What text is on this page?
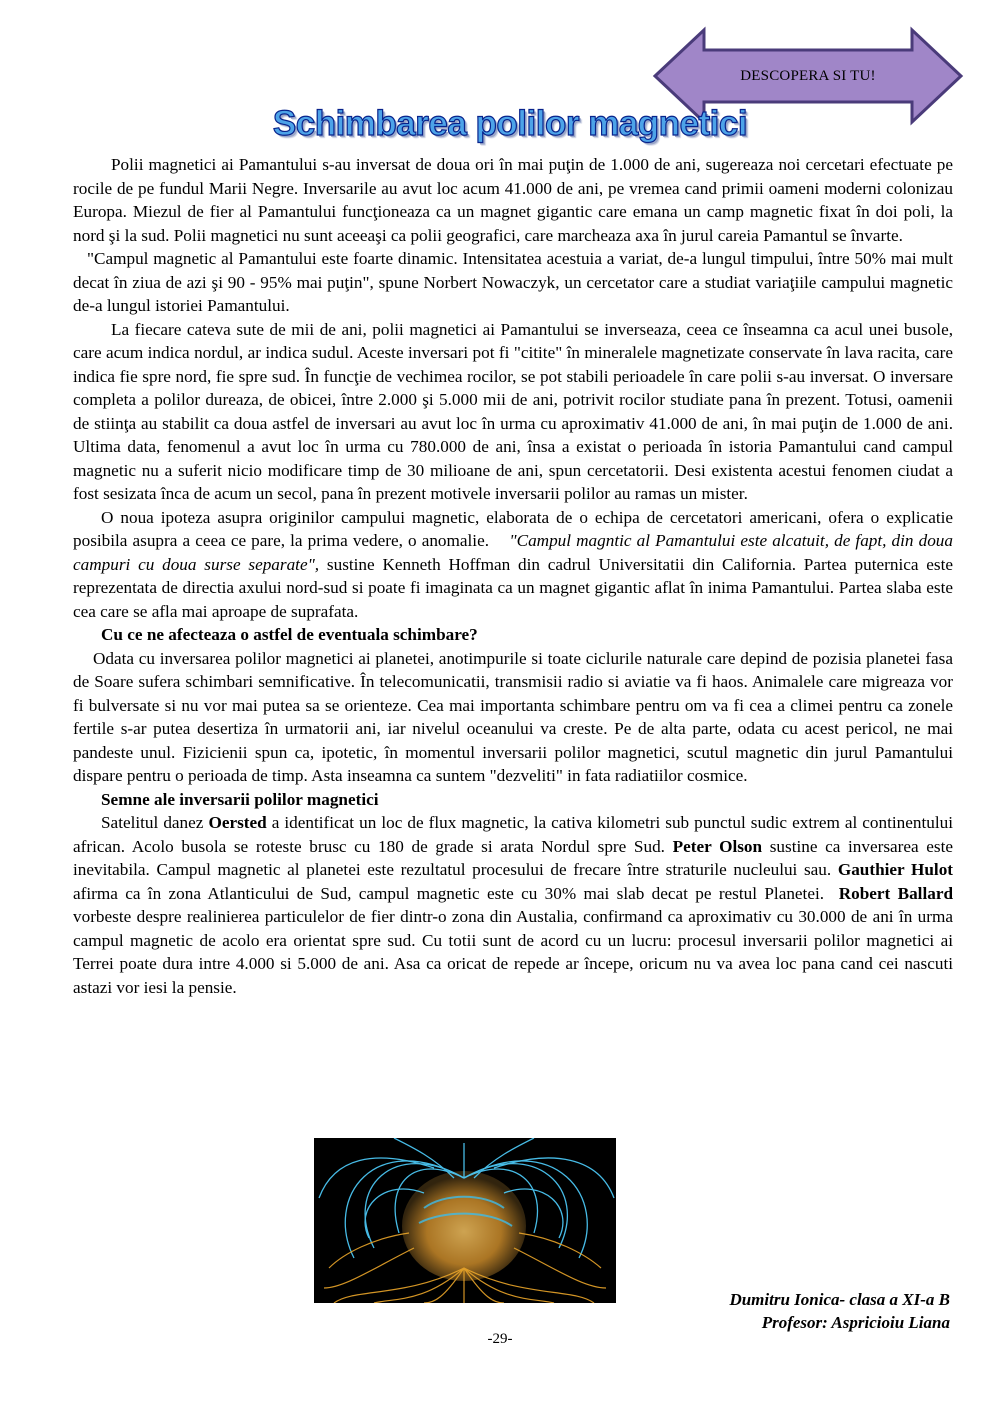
DESCOPERA SI TU!
Schimbarea polilor magnetici

Polii magnetici ai Pamantului s-au inversat de doua ori în mai puţin de 1.000 de ani, sugereaza noi cercetari efectuate pe rocile de pe fundul Marii Negre. Inversarile au avut loc acum 41.000 de ani, pe vremea cand primii oameni moderni colonizau Europa. Miezul de fier al Pamantului funcţioneaza ca un magnet gigantic care emana un camp magnetic fixat în doi poli, la nord şi la sud. Polii magnetici nu sunt aceeaşi ca polii geografici, care marcheaza axa în jurul careia Pamantul se învarte.

"Campul magnetic al Pamantului este foarte dinamic. Intensitatea acestuia a variat, de-a lungul timpului, între 50% mai mult decat în ziua de azi şi 90 - 95% mai puţin", spune Norbert Nowaczyk, un cercetator care a studiat variaţiile campului magnetic de-a lungul istoriei Pamantului.

La fiecare cateva sute de mii de ani, polii magnetici ai Pamantului se inverseaza, ceea ce înseamna ca acul unei busole, care acum indica nordul, ar indica sudul. Aceste inversari pot fi "citite" în mineralele magnetizate conservate în lava racita, care indica fie spre nord, fie spre sud. În funcţie de vechimea rocilor, se pot stabili perioadele în care polii s-au inversat. O inversare completa a polilor dureaza, de obicei, între 2.000 şi 5.000 mii de ani, potrivit rocilor studiate pana în prezent. Totusi, oamenii de stiinţa au stabilit ca doua astfel de inversari au avut loc în urma cu aproximativ 41.000 de ani, în mai puţin de 1.000 de ani. Ultima data, fenomenul a avut loc în urma cu 780.000 de ani, însa a existat o perioada în istoria Pamantului cand campul magnetic nu a suferit nicio modificare timp de 30 milioane de ani, spun cercetatorii. Desi existenta acestui fenomen ciudat a fost sesizata înca de acum un secol, pana în prezent motivele inversarii polilor au ramas un mister.

O noua ipoteza asupra originilor campului magnetic, elaborata de o echipa de cercetatori americani, ofera o explicatie posibila asupra a ceea ce pare, la prima vedere, o anomalie. "Campul magntic al Pamantului este alcatuit, de fapt, din doua campuri cu doua surse separate", sustine Kenneth Hoffman din cadrul Universitatii din California. Partea puternica este reprezentata de directia axului nord-sud si poate fi imaginata ca un magnet gigantic aflat în inima Pamantului. Partea slaba este cea care se afla mai aproape de suprafata.

Cu ce ne afecteaza o astfel de eventuala schimbare?

Odata cu inversarea polilor magnetici ai planetei, anotimpurile si toate ciclurile naturale care depind de pozisia planetei fasa de Soare sufera schimbari semnificative. În telecomunicatii, transmisii radio si aviatie va fi haos. Animalele care migreaza vor fi bulversate si nu vor mai putea sa se orienteze. Cea mai importanta schimbare pentru om va fi cea a climei pentru ca zonele fertile s-ar putea desertiza în urmatorii ani, iar nivelul oceanului va creste. Pe de alta parte, odata cu acest pericol, ne mai pandeste unul. Fizicienii spun ca, ipotetic, în momentul inversarii polilor magnetici, scutul magnetic din jurul Pamantului dispare pentru o perioada de timp. Asta inseamna ca suntem "dezveliti" in fata radiatiilor cosmice.

Semne ale inversarii polilor magnetici

Satelitul danez Oersted a identificat un loc de flux magnetic, la cativa kilometri sub punctul sudic extrem al continentului african. Acolo busola se roteste brusc cu 180 de grade si arata Nordul spre Sud. Peter Olson sustine ca inversarea este inevitabila. Campul magnetic al planetei este rezultatul procesului de frecare între straturile nucleului sau. Gauthier Hulot afirma ca în zona Atlanticului de Sud, campul magnetic este cu 30% mai slab decat pe restul Planetei. Robert Ballard vorbeste despre realinierea particulelor de fier dintr-o zona din Austalia, confirmand ca aproximativ cu 30.000 de ani în urma campul magnetic de acolo era orientat spre sud. Cu totii sunt de acord cu un lucru: procesul inversarii polilor magnetici ai Terrei poate dura intre 4.000 si 5.000 de ani. Asa ca oricat de repede ar începe, oricum nu va avea loc pana cand cei nascuti astazi vor iesi la pensie.

Dumitru Ionica- clasa a XI-a B
Profesor: Aspricioiu Liana
-29-
